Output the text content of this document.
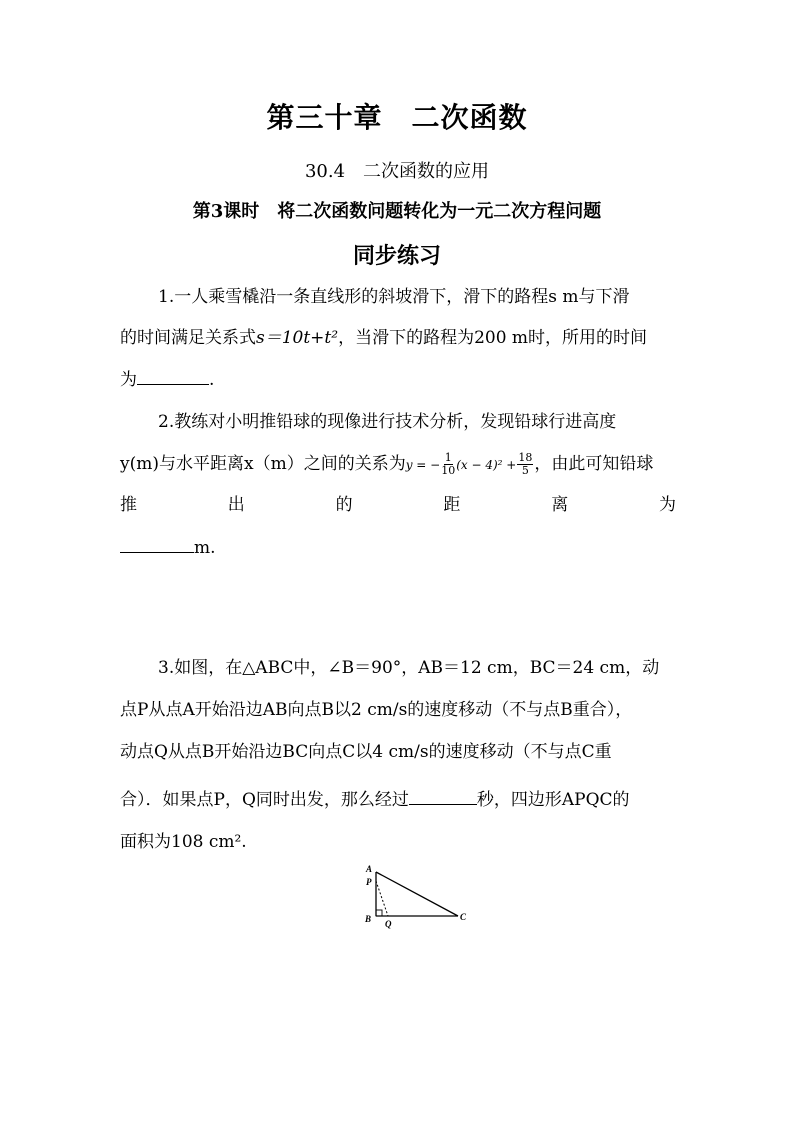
第三十章　二次函数
30.4　二次函数的应用
第3课时　将二次函数问题转化为一元二次方程问题
同步练习
1.一人乘雪橇沿一条直线形的斜坡滑下，滑下的路程s m与下滑
的时间满足关系式s＝10t+t²，当滑下的路程为200 m时，所用的时间
为	.
2.教练对小明推铅球的现像进行技术分析，发现铅球行进高度
y(m)与水平距离x（m）之间的关系为y = − $\frac{1}{10} (x - 4)^2 + \frac{18}{5}$ ，由此可知铅球
推	出	的	距	离	为
m.
3.如图，在△ABC中，∠B＝90°，AB＝12 cm，BC＝24 cm，动
点P从点A开始沿边AB向点B以2 cm/s的速度移动（不与点B重合），
动点Q从点B开始沿边BC向点C以4 cm/s的速度移动（不与点C重
合）．如果点P，Q同时出发，那么经过	秒，四边形APQC的
面积为108 cm².
A
P
B Q
C
